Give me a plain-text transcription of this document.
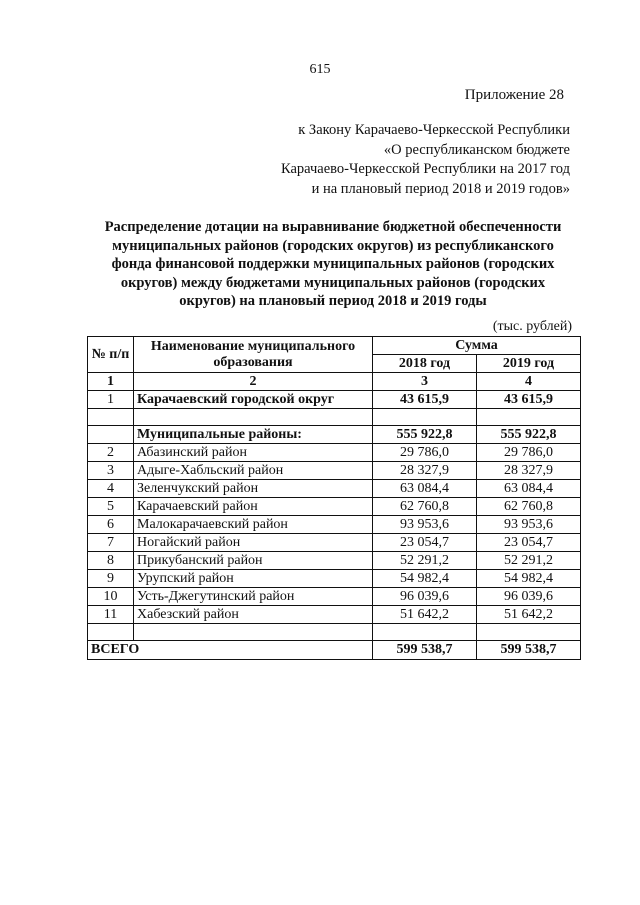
615
Приложение 28
к Закону Карачаево-Черкесской Республики
«О республиканском бюджете
Карачаево-Черкесской Республики на 2017 год
и на плановый период 2018 и 2019 годов»
Распределение дотации на выравнивание бюджетной обеспеченности
муниципальных районов (городских округов) из республиканского
фонда финансовой поддержки муниципальных районов (городских
округов) между бюджетами муниципальных районов (городских
округов) на плановый период 2018 и 2019 годы
(тыс. рублей)
№ п/п	Наименование муниципального образования	Сумма	
		2018 год	2019 год
1	2	3	4
1	Карачаевский городской округ	43 615,9	43 615,9

	Муниципальные районы:	555 922,8	555 922,8
2	Абазинский район	29 786,0	29 786,0
3	Адыге-Хабльский район	28 327,9	28 327,9
4	Зеленчукский район	63 084,4	63 084,4
5	Карачаевский район	62 760,8	62 760,8
6	Малокарачаевский район	93 953,6	93 953,6
7	Ногайский район	23 054,7	23 054,7
8	Прикубанский район	52 291,2	52 291,2
9	Урупский район	54 982,4	54 982,4
10	Усть-Джегутинский район	96 039,6	96 039,6
11	Хабезский район	51 642,2	51 642,2

ВСЕГО		599 538,7	599 538,7
